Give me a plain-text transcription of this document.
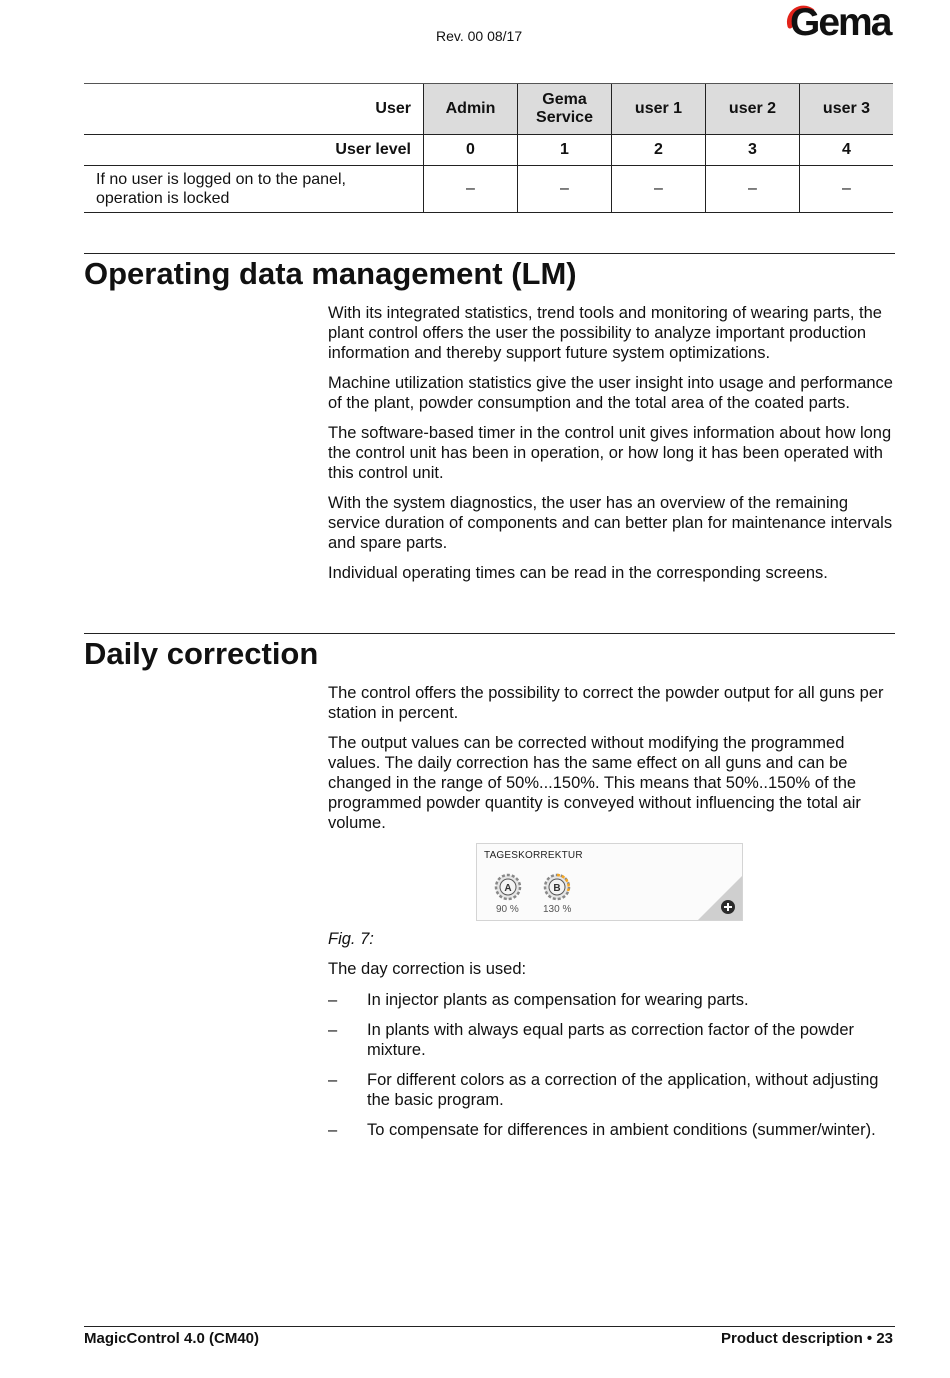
Rev. 00 08/17	Gema
User	Admin	Gema Service	user 1	user 2	user 3
User level	0	1	2	3	4
If no user is logged on to the panel, operation is locked	–	–	–	–	–
Operating data management (LM)

With its integrated statistics, trend tools and monitoring of wearing parts, the plant control offers the user the possibility to analyze important production information and thereby support future system optimizations.

Machine utilization statistics give the user insight into usage and performance of the plant, powder consumption and the total area of the coated parts.

The software-based timer in the control unit gives information about how long the control unit has been in operation, or how long it has been operated with this control unit.

With the system diagnostics, the user has an overview of the remaining service duration of components and can better plan for maintenance intervals and spare parts.

Individual operating times can be read in the corresponding screens.

Daily correction

The control offers the possibility to correct the powder output for all guns per station in percent.

The output values can be corrected without modifying the programmed values. The daily correction has the same effect on all guns and can be changed in the range of 50%...150%. This means that 50%..150% of the programmed powder quantity is conveyed without influencing the total air volume.

TAGESKORREKTUR
A
90 %
B
130 %
Fig. 7:
The day correction is used:
– In injector plants as compensation for wearing parts.
– In plants with always equal parts as correction factor of the powder mixture.
– For different colors as a correction of the application, without adjusting the basic program.
– To compensate for differences in ambient conditions (summer/winter).
MagicControl 4.0 (CM40)	Product description • 23
